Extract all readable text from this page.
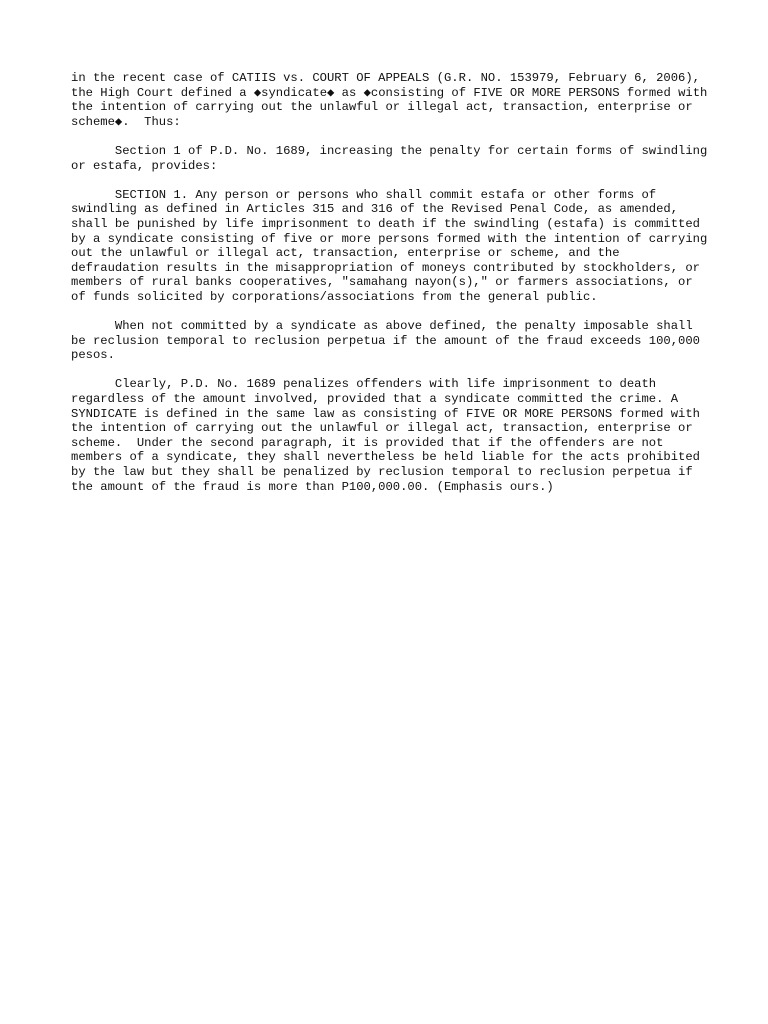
in the recent case of CATIIS vs. COURT OF APPEALS (G.R. NO. 153979, February 6, 2006), the High Court defined a ◆syndicate◆ as ◆consisting of FIVE OR MORE PERSONS formed with the intention of carrying out the unlawful or illegal act, transaction, enterprise or scheme◆.  Thus:

Section 1 of P.D. No. 1689, increasing the penalty for certain forms of swindling or estafa, provides:

SECTION 1. Any person or persons who shall commit estafa or other forms of swindling as defined in Articles 315 and 316 of the Revised Penal Code, as amended, shall be punished by life imprisonment to death if the swindling (estafa) is committed by a syndicate consisting of five or more persons formed with the intention of carrying out the unlawful or illegal act, transaction, enterprise or scheme, and the defraudation results in the misappropriation of moneys contributed by stockholders, or members of rural banks cooperatives, "samahang nayon(s)," or farmers associations, or of funds solicited by corporations/associations from the general public.

When not committed by a syndicate as above defined, the penalty imposable shall be reclusion temporal to reclusion perpetua if the amount of the fraud exceeds 100,000 pesos.

Clearly, P.D. No. 1689 penalizes offenders with life imprisonment to death regardless of the amount involved, provided that a syndicate committed the crime. A SYNDICATE is defined in the same law as consisting of FIVE OR MORE PERSONS formed with the intention of carrying out the unlawful or illegal act, transaction, enterprise or scheme.  Under the second paragraph, it is provided that if the offenders are not members of a syndicate, they shall nevertheless be held liable for the acts prohibited by the law but they shall be penalized by reclusion temporal to reclusion perpetua if the amount of the fraud is more than P100,000.00. (Emphasis ours.)
